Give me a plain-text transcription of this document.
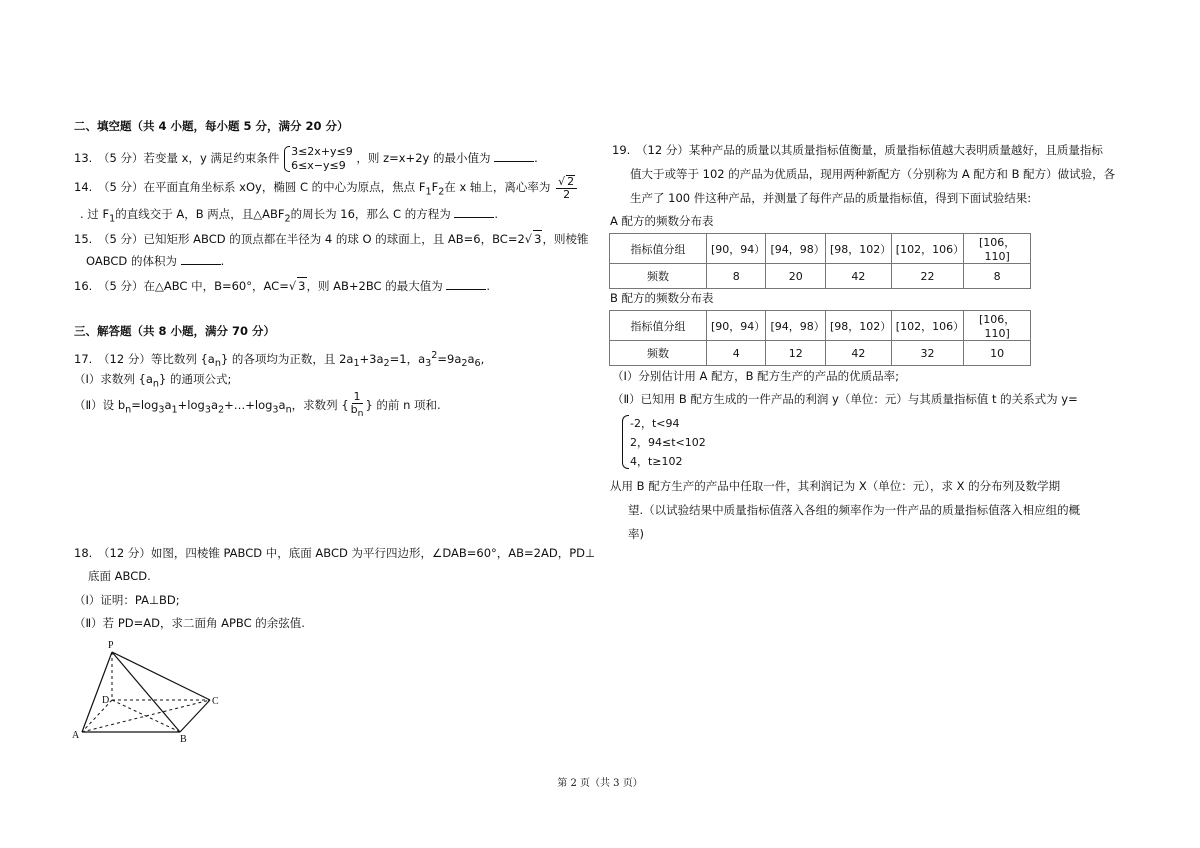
二、填空题（共 4 小题，每小题 5 分，满分 20 分）
13.　（5 分）若变量 x，y 满足约束条件 3≤2x+y≤9
6≤x−y≤9 ，则 z=x+2y 的最小值为	.
14.　（5 分）在平面直角坐标系 xOy，椭圆 C 的中心为原点，焦点 $F_1F_2$在 x 轴上，离心率为 $\frac{√ 2}{2}$
. 过 $F_1$的直线交于 A，B 两点，且$\triangle ABF_2$的周长为 16，那么 C 的方程为	.
15.　（5 分）已知矩形 ABCD 的顶点都在半径为 4 的球 O 的球面上，且 AB=6，BC=2√ 3，则棱锥
O⁠ABCD 的体积为	.
16.　（5 分）在△ABC 中，B=60°，AC=√ 3，则 AB+2BC 的最大值为	.
三、解答题（共 8 小题，满分 70 分）
17.　（12 分）等比数列 $\{a_n\}$ 的各项均为正数，且 $2a_1+3a_2=1$，$a_3^2=9a_2a_6$,
（Ⅰ）求数列 $\{a_n\}$ 的通项公式;
（Ⅱ）设 $b_n=\log_3a_1+\log_3a_2+\dots+\log_3a_n$，求数列 { $\frac{1}{b_n}$ } 的前 n 项和.
18.　（12 分）如图，四棱锥 P⁠ABCD 中，底面 ABCD 为平行四边形，∠DAB=60°，AB=2AD，PD⊥
底面 ABCD.
（Ⅰ）证明：PA⊥BD;
（Ⅱ）若 PD=AD，求二面角 A⁠PB⁠C 的余弦值.
P
D	C
A	B
19.　（12 分）某种产品的质量以其质量指标值衡量，质量指标值越大表明质量越好，且质量指标
值大于或等于 102 的产品为优质品，现用两种新配方（分别称为 A 配方和 B 配方）做试验，各
生产了 100 件这种产品，并测量了每件产品的质量指标值，得到下面试验结果:
A 配方的频数分布表
指标值分组	[90，94）	[94，98）	[98，102）	[102，106）	[106，110]
频数	8	20	42	22	8
B 配方的频数分布表
指标值分组	[90，94）	[94，98）	[98，102）	[102，106）	[106，110]
频数	4	12	42	32	10
（Ⅰ）分别估计用 A 配方，B 配方生产的产品的优质品率;
（Ⅱ）已知用 B 配方生成的一件产品的利润 y（单位：元）与其质量指标值 t 的关系式为 y=
-2，t<94
2，94≤t<102
4，t≥102
从用 B 配方生产的产品中任取一件，其利润记为 X（单位：元），求 X 的分布列及数学期
望.（以试验结果中质量指标值落入各组的频率作为一件产品的质量指标值落入相应组的概
率)
第 2 页（共 3 页）
